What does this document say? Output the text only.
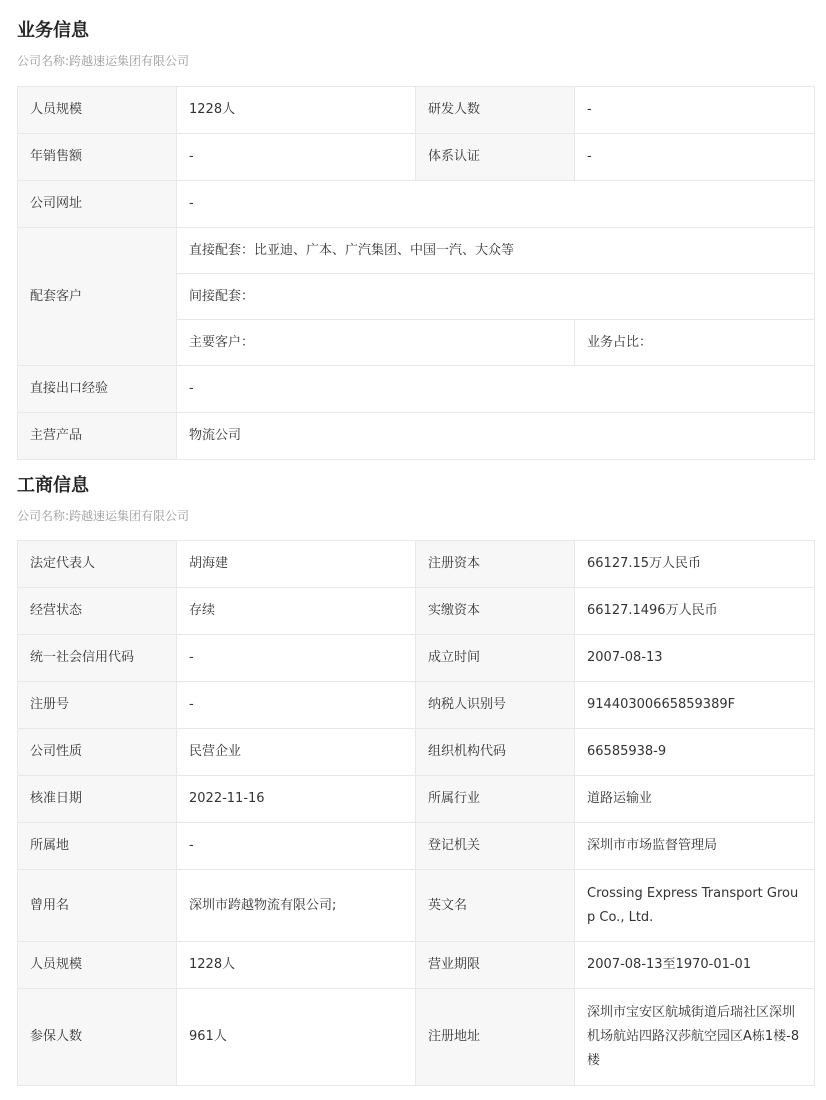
业务信息
公司名称:跨越速运集团有限公司
人员规模	1228人	研发人数	-
年销售额	-	体系认证	-
公司网址	-		
配套客户	直接配套：比亚迪、广本、广汽集团、中国一汽、大众等		
	间接配套：		
	主要客户：		业务占比：
直接出口经验	-		
主营产品	物流公司		
工商信息
公司名称:跨越速运集团有限公司
法定代表人	胡海建	注册资本	66127.15万人民币
经营状态	存续	实缴资本	66127.1496万人民币
统一社会信用代码	-	成立时间	2007-08-13
注册号	-	纳税人识别号	91440300665859389F
公司性质	民营企业	组织机构代码	66585938-9
核准日期	2022-11-16	所属行业	道路运输业
所属地	-	登记机关	深圳市市场监督管理局
曾用名	深圳市跨越物流有限公司;	英文名	Crossing Express Transport Group Co., Ltd.
人员规模	1228人	营业期限	2007-08-13至1970-01-01
参保人数	961人	注册地址	深圳市宝安区航城街道后瑞社区深圳机场航站四路汉莎航空园区A栋1楼-8楼
